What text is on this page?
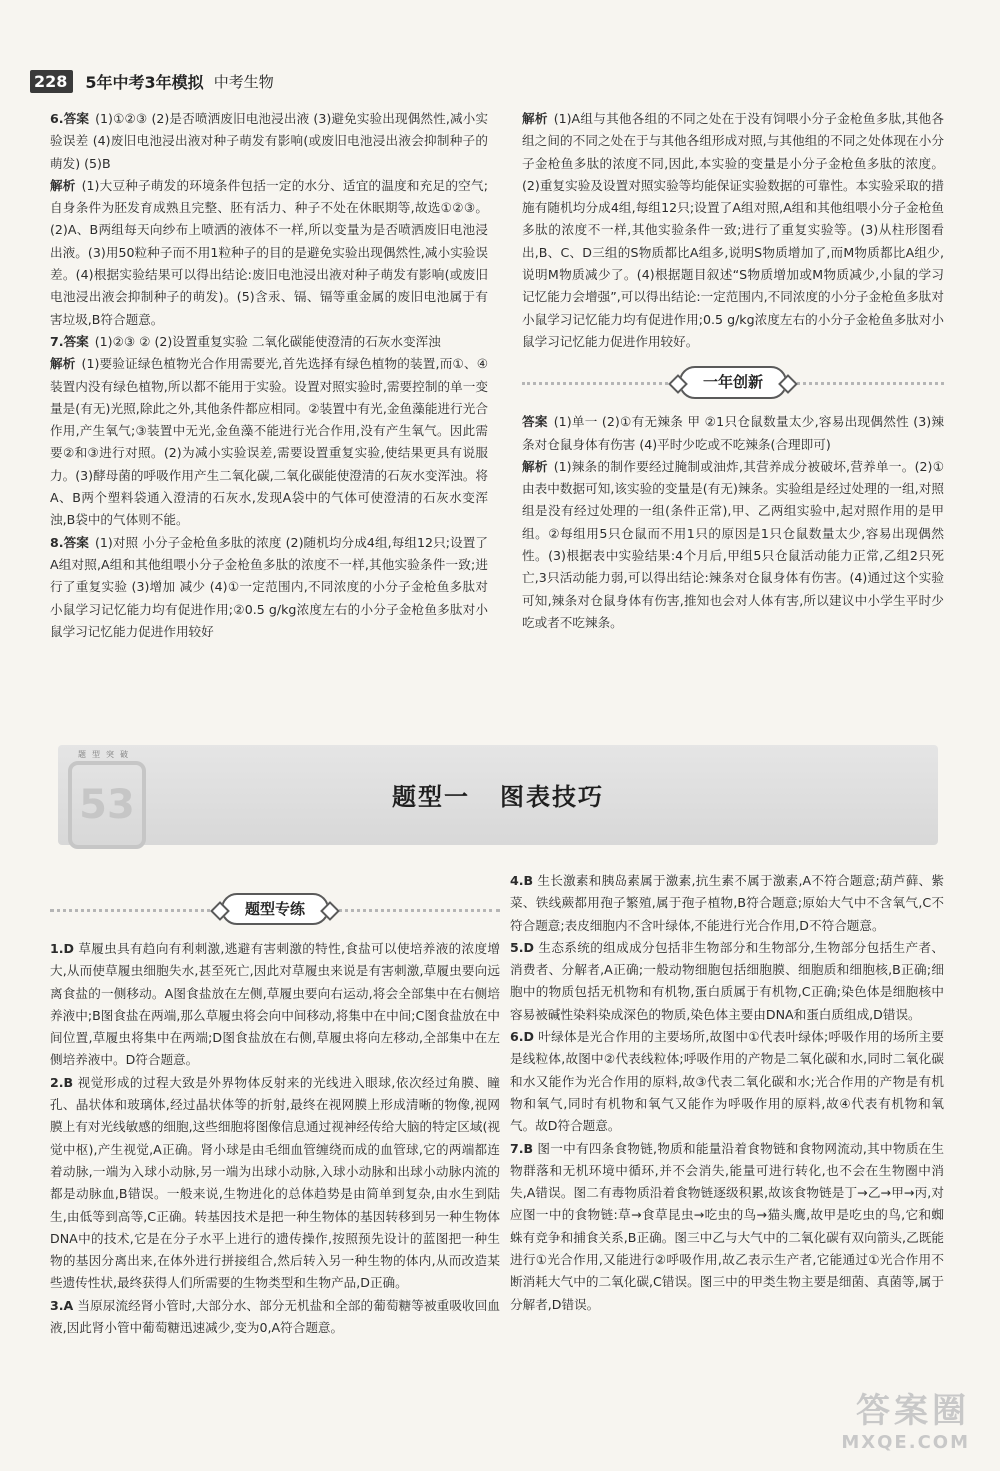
228	5年中考3年模拟 中考生物

6.答案 (1)①②③ (2)是否喷洒废旧电池浸出液 (3)避免实验出现偶然性,减小实验误差 (4)废旧电池浸出液对种子萌发有影响(或废旧电池浸出液会抑制种子的萌发) (5)B

解析 (1)大豆种子萌发的环境条件包括一定的水分、适宜的温度和充足的空气;自身条件为胚发育成熟且完整、胚有活力、种子不处在休眠期等,故选①②③。(2)A、B两组每天向纱布上喷洒的液体不一样,所以变量为是否喷洒废旧电池浸出液。(3)用50粒种子而不用1粒种子的目的是避免实验出现偶然性,减小实验误差。(4)根据实验结果可以得出结论:废旧电池浸出液对种子萌发有影响(或废旧电池浸出液会抑制种子的萌发)。(5)含汞、镉、镉等重金属的废旧电池属于有害垃圾,B符合题意。

7.答案 (1)②③ ② (2)设置重复实验 二氧化碳能使澄清的石灰水变浑浊

解析 (1)要验证绿色植物光合作用需要光,首先选择有绿色植物的装置,而①、④装置内没有绿色植物,所以都不能用于实验。设置对照实验时,需要控制的单一变量是(有无)光照,除此之外,其他条件都应相同。②装置中有光,金鱼藻能进行光合作用,产生氧气;③装置中无光,金鱼藻不能进行光合作用,没有产生氧气。因此需要②和③进行对照。(2)为减小实验误差,需要设置重复实验,使结果更具有说服力。(3)酵母菌的呼吸作用产生二氧化碳,二氧化碳能使澄清的石灰水变浑浊。将A、B两个塑料袋通入澄清的石灰水,发现A袋中的气体可使澄清的石灰水变浑浊,B袋中的气体则不能。

8.答案 (1)对照 小分子金枪鱼多肽的浓度 (2)随机均分成4组,每组12只;设置了A组对照,A组和其他组喂小分子金枪鱼多肽的浓度不一样,其他实验条件一致;进行了重复实验 (3)增加 减少 (4)①一定范围内,不同浓度的小分子金枪鱼多肽对小鼠学习记忆能力均有促进作用;②0.5 g/kg浓度左右的小分子金枪鱼多肽对小鼠学习记忆能力促进作用较好

解析 (1)A组与其他各组的不同之处在于没有饲喂小分子金枪鱼多肽,其他各组之间的不同之处在于与其他各组形成对照,与其他组的不同之处体现在小分子金枪鱼多肽的浓度不同,因此,本实验的变量是小分子金枪鱼多肽的浓度。(2)重复实验及设置对照实验等均能保证实验数据的可靠性。本实验采取的措施有随机均分成4组,每组12只;设置了A组对照,A组和其他组喂小分子金枪鱼多肽的浓度不一样,其他实验条件一致;进行了重复实验等。(3)从柱形图看出,B、C、D三组的S物质都比A组多,说明S物质增加了,而M物质都比A组少,说明M物质减少了。(4)根据题目叙述“S物质增加或M物质减少,小鼠的学习记忆能力会增强”,可以得出结论:一定范围内,不同浓度的小分子金枪鱼多肽对小鼠学习记忆能力均有促进作用;0.5 g/kg浓度左右的小分子金枪鱼多肽对小鼠学习记忆能力促进作用较好。

一年创新

答案 (1)单一 (2)①有无辣条 甲 ②1只仓鼠数量太少,容易出现偶然性 (3)辣条对仓鼠身体有伤害 (4)平时少吃或不吃辣条(合理即可)

解析 (1)辣条的制作要经过腌制或油炸,其营养成分被破坏,营养单一。(2)①由表中数据可知,该实验的变量是(有无)辣条。实验组是经过处理的一组,对照组是没有经过处理的一组(条件正常),甲、乙两组实验中,起对照作用的是甲组。②每组用5只仓鼠而不用1只的原因是1只仓鼠数量太少,容易出现偶然性。(3)根据表中实验结果:4个月后,甲组5只仓鼠活动能力正常,乙组2只死亡,3只活动能力弱,可以得出结论:辣条对仓鼠身体有伤害。(4)通过这个实验可知,辣条对仓鼠身体有伤害,推知也会对人体有害,所以建议中小学生平时少吃或者不吃辣条。

题型突破
53	题型一 图表技巧
题型专练

1.D 草履虫具有趋向有利刺激,逃避有害刺激的特性,食盐可以使培养液的浓度增大,从而使草履虫细胞失水,甚至死亡,因此对草履虫来说是有害刺激,草履虫要向远离食盐的一侧移动。A图食盐放在左侧,草履虫要向右运动,将会全部集中在右侧培养液中;B图食盐在两端,那么草履虫将会向中间移动,将集中在中间;C图食盐放在中间位置,草履虫将集中在两端;D图食盐放在右侧,草履虫将向左移动,全部集中在左侧培养液中。D符合题意。

2.B 视觉形成的过程大致是外界物体反射来的光线进入眼球,依次经过角膜、瞳孔、晶状体和玻璃体,经过晶状体等的折射,最终在视网膜上形成清晰的物像,视网膜上有对光线敏感的细胞,这些细胞将图像信息通过视神经传给大脑的特定区域(视觉中枢),产生视觉,A正确。肾小球是由毛细血管缠绕而成的血管球,它的两端都连着动脉,一端为入球小动脉,另一端为出球小动脉,入球小动脉和出球小动脉内流的都是动脉血,B错误。一般来说,生物进化的总体趋势是由简单到复杂,由水生到陆生,由低等到高等,C正确。转基因技术是把一种生物体的基因转移到另一种生物体DNA中的技术,它是在分子水平上进行的遗传操作,按照预先设计的蓝图把一种生物的基因分离出来,在体外进行拼接组合,然后转入另一种生物的体内,从而改造某些遗传性状,最终获得人们所需要的生物类型和生物产品,D正确。

3.A 当原尿流经肾小管时,大部分水、部分无机盐和全部的葡萄糖等被重吸收回血液,因此肾小管中葡萄糖迅速减少,变为0,A符合题意。

4.B 生长激素和胰岛素属于激素,抗生素不属于激素,A不符合题意;葫芦藓、紫菜、铁线蕨都用孢子繁殖,属于孢子植物,B符合题意;原始大气中不含氧气,C不符合题意;表皮细胞内不含叶绿体,不能进行光合作用,D不符合题意。

5.D 生态系统的组成成分包括非生物部分和生物部分,生物部分包括生产者、消费者、分解者,A正确;一般动物细胞包括细胞膜、细胞质和细胞核,B正确;细胞中的物质包括无机物和有机物,蛋白质属于有机物,C正确;染色体是细胞核中容易被碱性染料染成深色的物质,染色体主要由DNA和蛋白质组成,D错误。

6.D 叶绿体是光合作用的主要场所,故图中①代表叶绿体;呼吸作用的场所主要是线粒体,故图中②代表线粒体;呼吸作用的产物是二氧化碳和水,同时二氧化碳和水又能作为光合作用的原料,故③代表二氧化碳和水;光合作用的产物是有机物和氧气,同时有机物和氧气又能作为呼吸作用的原料,故④代表有机物和氧气。故D符合题意。

7.B 图一中有四条食物链,物质和能量沿着食物链和食物网流动,其中物质在生物群落和无机环境中循环,并不会消失,能量可进行转化,也不会在生物圈中消失,A错误。图二有毒物质沿着食物链逐级积累,故该食物链是丁→乙→甲→丙,对应图一中的食物链:草→食草昆虫→吃虫的鸟→猫头鹰,故甲是吃虫的鸟,它和蜘蛛有竞争和捕食关系,B正确。图三中乙与大气中的二氧化碳有双向箭头,乙既能进行①光合作用,又能进行②呼吸作用,故乙表示生产者,它能通过①光合作用不断消耗大气中的二氧化碳,C错误。图三中的甲类生物主要是细菌、真菌等,属于分解者,D错误。

答案圈
MXQE.COM
